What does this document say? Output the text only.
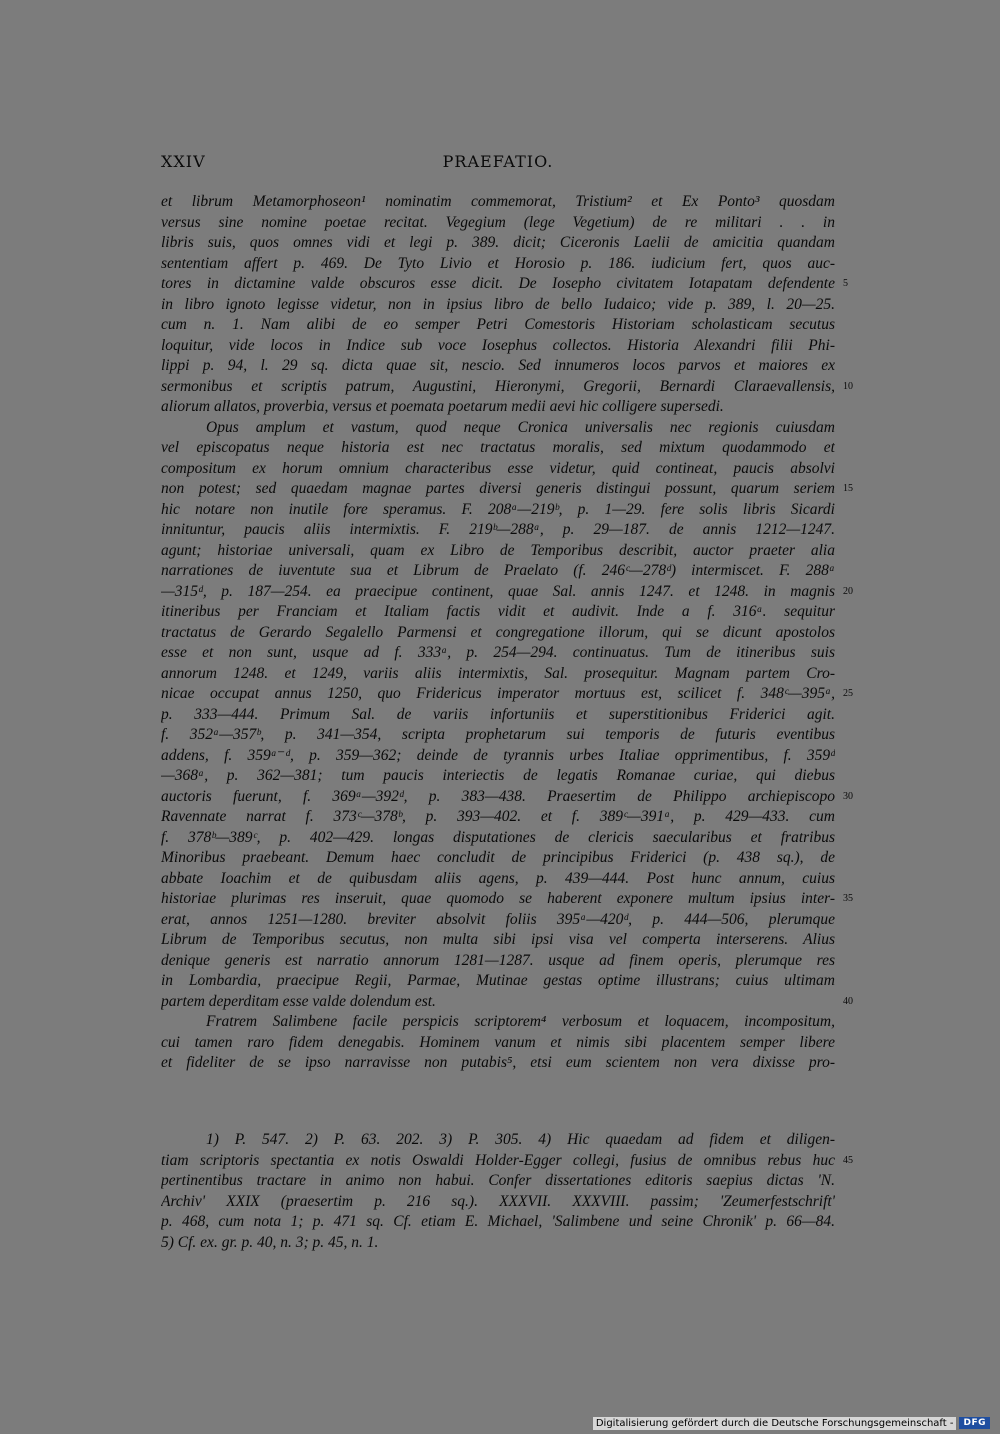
XXIV	PRAEFATIO.
et librum Metamorphoseon¹ nominatim commemorat, Tristium² et Ex Ponto³ quosdam
versus sine nomine poetae recitat. Vegegium (lege Vegetium) de re militari . . in
libris suis, quos omnes vidi et legi p. 389. dicit; Ciceronis Laelii de amicitia quandam
sententiam affert p. 469. De Tyto Livio et Horosio p. 186. iudicium fert, quos auc-
tores in dictamine valde obscuros esse dicit. De Iosepho civitatem Iotapatam defendente 5
in libro ignoto legisse videtur, non in ipsius libro de bello Iudaico; vide p. 389, l. 20—25.
cum n. 1. Nam alibi de eo semper Petri Comestoris Historiam scholasticam secutus
loquitur, vide locos in Indice sub voce Iosephus collectos. Historia Alexandri filii Phi-
lippi p. 94, l. 29 sq. dicta quae sit, nescio. Sed innumeros locos parvos et maiores ex
sermonibus et scriptis patrum, Augustini, Hieronymi, Gregorii, Bernardi Claraevallensis, 10
aliorum allatos, proverbia, versus et poemata poetarum medii aevi hic colligere supersedi.
Opus amplum et vastum, quod neque Cronica universalis nec regionis cuiusdam
vel episcopatus neque historia est nec tractatus moralis, sed mixtum quodammodo et
compositum ex horum omnium characteribus esse videtur, quid contineat, paucis absolvi
non potest; sed quaedam magnae partes diversi generis distingui possunt, quarum seriem 15
hic notare non inutile fore speramus. F. 208ᵃ—219ᵇ, p. 1—29. fere solis libris Sicardi
innituntur, paucis aliis intermixtis. F. 219ᵇ—288ᵃ, p. 29—187. de annis 1212—1247.
agunt; historiae universali, quam ex Libro de Temporibus describit, auctor praeter alia
narrationes de iuventute sua et Librum de Praelato (f. 246ᶜ—278ᵈ) intermiscet. F. 288ᵃ
—315ᵈ, p. 187—254. ea praecipue continent, quae Sal. annis 1247. et 1248. in magnis 20
itineribus per Franciam et Italiam factis vidit et audivit. Inde a f. 316ᵃ. sequitur
tractatus de Gerardo Segalello Parmensi et congregatione illorum, qui se dicunt apostolos
esse et non sunt, usque ad f. 333ᵃ, p. 254—294. continuatus. Tum de itineribus suis
annorum 1248. et 1249, variis aliis intermixtis, Sal. prosequitur. Magnam partem Cro-
nicae occupat annus 1250, quo Fridericus imperator mortuus est, scilicet f. 348ᶜ—395ᵃ, 25
p. 333—444. Primum Sal. de variis infortuniis et superstitionibus Friderici agit.
f. 352ᵃ—357ᵇ, p. 341—354, scripta prophetarum sui temporis de futuris eventibus
addens, f. 359ᵃ⁻ᵈ, p. 359—362; deinde de tyrannis urbes Italiae opprimentibus, f. 359ᵈ
—368ᵃ, p. 362—381; tum paucis interiectis de legatis Romanae curiae, qui diebus
auctoris fuerunt, f. 369ᵃ—392ᵈ, p. 383—438. Praesertim de Philippo archiepiscopo 30
Ravennate narrat f. 373ᶜ—378ᵇ, p. 393—402. et f. 389ᶜ—391ᵃ, p. 429—433. cum
f. 378ᵇ—389ᶜ, p. 402—429. longas disputationes de clericis saecularibus et fratribus
Minoribus praebeant. Demum haec concludit de principibus Friderici (p. 438 sq.), de
abbate Ioachim et de quibusdam aliis agens, p. 439—444. Post hunc annum, cuius
historiae plurimas res inseruit, quae quomodo se haberent exponere multum ipsius inter- 35
erat, annos 1251—1280. breviter absolvit foliis 395ᵃ—420ᵈ, p. 444—506, plerumque
Librum de Temporibus secutus, non multa sibi ipsi visa vel comperta interserens. Alius
denique generis est narratio annorum 1281—1287. usque ad finem operis, plerumque res
in Lombardia, praecipue Regii, Parmae, Mutinae gestas optime illustrans; cuius ultimam
partem deperditam esse valde dolendum est.	40
Fratrem Salimbene facile perspicis scriptorem⁴ verbosum et loquacem, incompositum,
cui tamen raro fidem denegabis. Hominem vanum et nimis sibi placentem semper libere
et fideliter de se ipso narravisse non putabis⁵, etsi eum scientem non vera dixisse pro-
1) P. 547. 2) P. 63. 202. 3) P. 305. 4) Hic quaedam ad fidem et diligen-
tiam scriptoris spectantia ex notis Oswaldi Holder-Egger collegi, fusius de omnibus rebus huc 45
pertinentibus tractare in animo non habui. Confer dissertationes editoris saepius dictas 'N.
Archiv' XXIX (praesertim p. 216 sq.). XXXVII. XXXVIII. passim; 'Zeumerfestschrift'
p. 468, cum nota 1; p. 471 sq. Cf. etiam E. Michael, 'Salimbene und seine Chronik' p. 66—84.
5) Cf. ex. gr. p. 40, n. 3; p. 45, n. 1.
Digitalisierung gefördert durch die Deutsche Forschungsgemeinschaft -	DFG
